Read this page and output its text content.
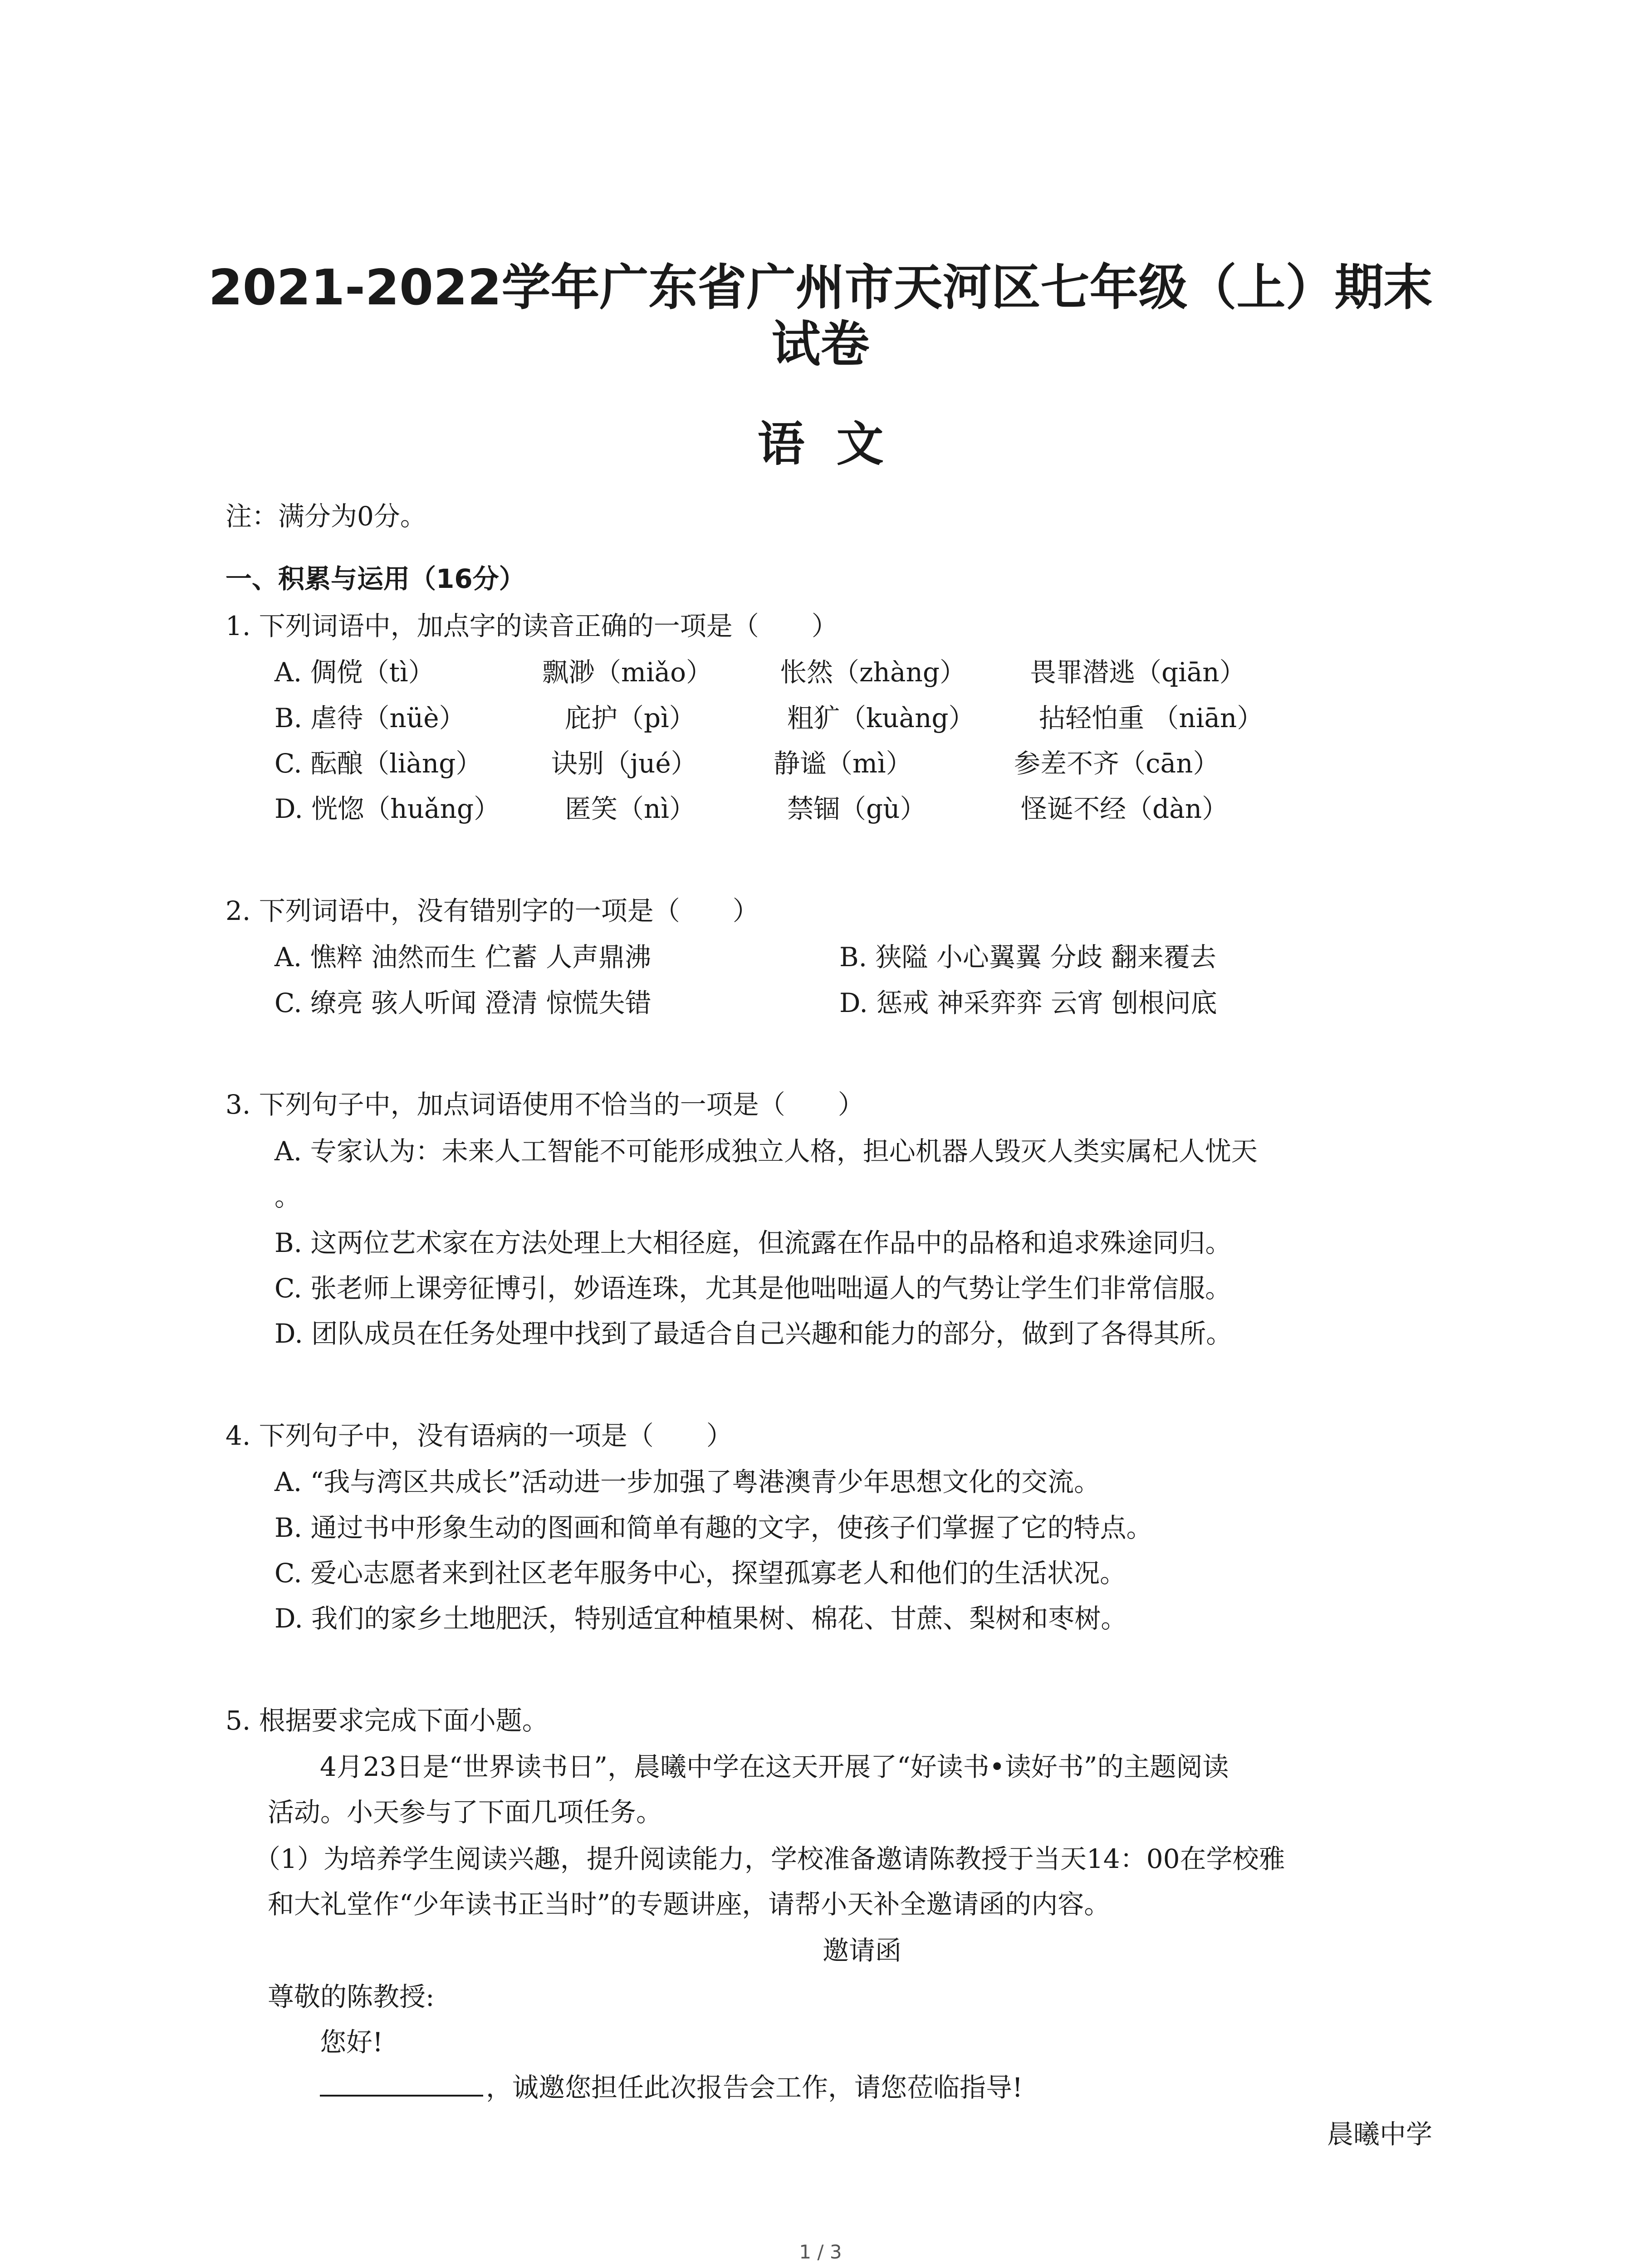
2021-2022学年广东省广州市天河区七年级（上）期末
试卷
语文
注：满分为0分。
一、积累与运用（16分）
1. 下列词语中，加点字的读音正确的一项是（　　）
A. 倜傥（tì）	飘渺（miǎo）	怅然（zhàng） 畏罪潜逃（qiān）
B. 虐待（nüè）	庇护（pì）	粗犷（kuàng） 拈轻怕重 （niān）
C. 酝酿（liàng）	诀别（jué）	静谧（mì）	参差不齐（cān）
D. 恍惚（huǎng） 匿笑（nì）	禁锢（gù）	怪诞不经（dàn）
2. 下列词语中，没有错别字的一项是（　　）
A. 憔粹 油然而生 伫蓄 人声鼎沸	B. 狭隘 小心翼翼 分歧 翻来覆去
C. 缭亮 骇人听闻 澄清 惊慌失错	D. 惩戒 神采弈弈 云宵 刨根问底
3. 下列句子中，加点词语使用不恰当的一项是（　　）
A. 专家认为：未来人工智能不可能形成独立人格，担心机器人毁灭人类实属杞人忧天
。
B. 这两位艺术家在方法处理上大相径庭，但流露在作品中的品格和追求殊途同归。
C. 张老师上课旁征博引，妙语连珠，尤其是他咄咄逼人的气势让学生们非常信服。
D. 团队成员在任务处理中找到了最适合自己兴趣和能力的部分，做到了各得其所。
4. 下列句子中，没有语病的一项是（　　）
A. “我与湾区共成长”活动进一步加强了粤港澳青少年思想文化的交流。
B. 通过书中形象生动的图画和简单有趣的文字，使孩子们掌握了它的特点。
C. 爱心志愿者来到社区老年服务中心，探望孤寡老人和他们的生活状况。
D. 我们的家乡土地肥沃，特别适宜种植果树、棉花、甘蔗、梨树和枣树。
5. 根据要求完成下面小题。
4月23日是“世界读书日”，晨曦中学在这天开展了“好读书•读好书”的主题阅读
活动。小天参与了下面几项任务。
（1）为培养学生阅读兴趣，提升阅读能力，学校准备邀请陈教授于当天14：00在学校雅
和大礼堂作“少年读书正当时”的专题讲座，请帮小天补全邀请函的内容。
邀请函
尊敬的陈教授:
您好!
，诚邀您担任此次报告会工作，请您莅临指导!
晨曦中学
1 / 3
